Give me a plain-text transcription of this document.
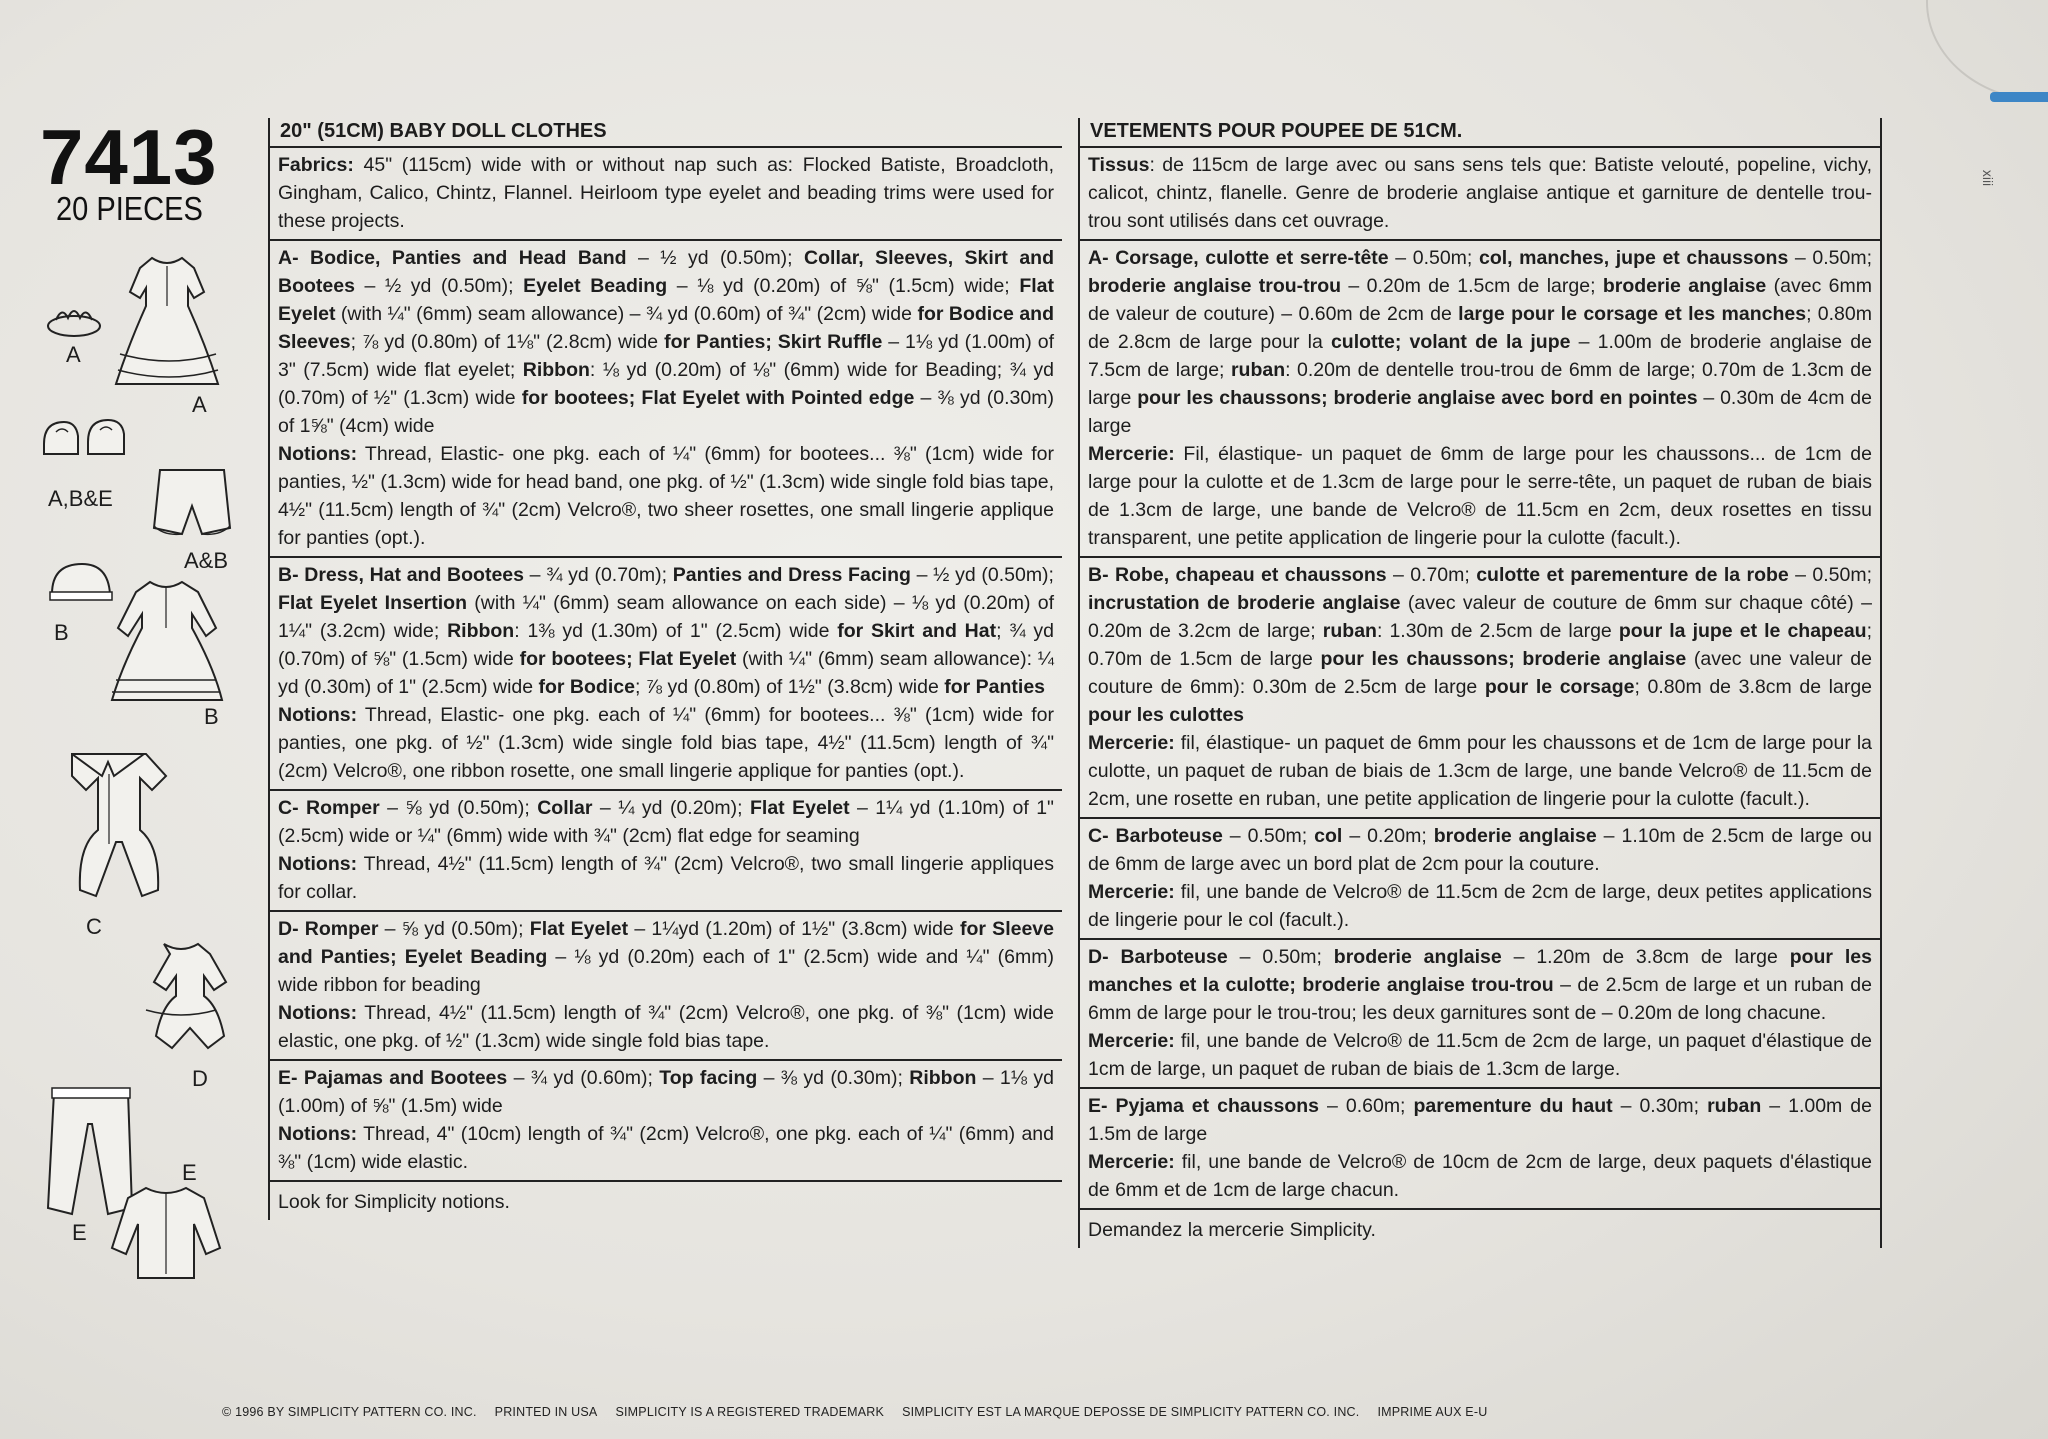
xiii
7413
20 PIECES
A
A
A,B&E
A&B
B
B
C
D
E
E
20" (51CM) BABY DOLL CLOTHES

Fabrics: 45" (115cm) wide with or without nap such as: Flocked Batiste, Broadcloth, Gingham, Calico, Chintz, Flannel. Heirloom type eyelet and beading trims were used for these projects.

A- Bodice, Panties and Head Band – ½ yd (0.50m); Collar, Sleeves, Skirt and Bootees – ½ yd (0.50m); Eyelet Beading – ⅛ yd (0.20m) of ⅝" (1.5cm) wide; Flat Eyelet (with ¼" (6mm) seam allowance) – ¾ yd (0.60m) of ¾" (2cm) wide for Bodice and Sleeves; ⅞ yd (0.80m) of 1⅛" (2.8cm) wide for Panties; Skirt Ruffle – 1⅛ yd (1.00m) of 3" (7.5cm) wide flat eyelet; Ribbon: ⅛ yd (0.20m) of ⅛" (6mm) wide for Beading; ¾ yd (0.70m) of ½" (1.3cm) wide for bootees; Flat Eyelet with Pointed edge – ⅜ yd (0.30m) of 1⅝" (4cm) wide

Notions: Thread, Elastic- one pkg. each of ¼" (6mm) for bootees... ⅜" (1cm) wide for panties, ½" (1.3cm) wide for head band, one pkg. of ½" (1.3cm) wide single fold bias tape, 4½" (11.5cm) length of ¾" (2cm) Velcro®, two sheer rosettes, one small lingerie applique for panties (opt.).

B- Dress, Hat and Bootees – ¾ yd (0.70m); Panties and Dress Facing – ½ yd (0.50m); Flat Eyelet Insertion (with ¼" (6mm) seam allowance on each side) – ⅛ yd (0.20m) of 1¼" (3.2cm) wide; Ribbon: 1⅜ yd (1.30m) of 1" (2.5cm) wide for Skirt and Hat; ¾ yd (0.70m) of ⅝" (1.5cm) wide for bootees; Flat Eyelet (with ¼" (6mm) seam allowance): ¼ yd (0.30m) of 1" (2.5cm) wide for Bodice; ⅞ yd (0.80m) of 1½" (3.8cm) wide for Panties

Notions: Thread, Elastic- one pkg. each of ¼" (6mm) for bootees... ⅜" (1cm) wide for panties, one pkg. of ½" (1.3cm) wide single fold bias tape, 4½" (11.5cm) length of ¾" (2cm) Velcro®, one ribbon rosette, one small lingerie applique for panties (opt.).

C- Romper – ⅝ yd (0.50m); Collar – ¼ yd (0.20m); Flat Eyelet – 1¼ yd (1.10m) of 1" (2.5cm) wide or ¼" (6mm) wide with ¾" (2cm) flat edge for seaming

Notions: Thread, 4½" (11.5cm) length of ¾" (2cm) Velcro®, two small lingerie appliques for collar.

D- Romper – ⅝ yd (0.50m); Flat Eyelet – 1¼yd (1.20m) of 1½" (3.8cm) wide for Sleeve and Panties; Eyelet Beading – ⅛ yd (0.20m) each of 1" (2.5cm) wide and ¼" (6mm) wide ribbon for beading

Notions: Thread, 4½" (11.5cm) length of ¾" (2cm) Velcro®, one pkg. of ⅜" (1cm) wide elastic, one pkg. of ½" (1.3cm) wide single fold bias tape.

E- Pajamas and Bootees – ¾ yd (0.60m); Top facing – ⅜ yd (0.30m); Ribbon – 1⅛ yd (1.00m) of ⅝" (1.5m) wide

Notions: Thread, 4" (10cm) length of ¾" (2cm) Velcro®, one pkg. each of ¼" (6mm) and ⅜" (1cm) wide elastic.

Look for Simplicity notions.

VETEMENTS POUR POUPEE DE 51CM.

Tissus: de 115cm de large avec ou sans sens tels que: Batiste velouté, popeline, vichy, calicot, chintz, flanelle. Genre de broderie anglaise antique et garniture de dentelle trou-trou sont utilisés dans cet ouvrage.

A- Corsage, culotte et serre-tête – 0.50m; col, manches, jupe et chaussons – 0.50m; broderie anglaise trou-trou – 0.20m de 1.5cm de large; broderie anglaise (avec 6mm de valeur de couture) – 0.60m de 2cm de large pour le corsage et les manches; 0.80m de 2.8cm de large pour la culotte; volant de la jupe – 1.00m de broderie anglaise de 7.5cm de large; ruban: 0.20m de dentelle trou-trou de 6mm de large; 0.70m de 1.3cm de large pour les chaussons; broderie anglaise avec bord en pointes – 0.30m de 4cm de large

Mercerie: Fil, élastique- un paquet de 6mm de large pour les chaussons... de 1cm de large pour la culotte et de 1.3cm de large pour le serre-tête, un paquet de ruban de biais de 1.3cm de large, une bande de Velcro® de 11.5cm en 2cm, deux rosettes en tissu transparent, une petite application de lingerie pour la culotte (facult.).

B- Robe, chapeau et chaussons – 0.70m; culotte et parementure de la robe – 0.50m; incrustation de broderie anglaise (avec valeur de couture de 6mm sur chaque côté) – 0.20m de 3.2cm de large; ruban: 1.30m de 2.5cm de large pour la jupe et le chapeau; 0.70m de 1.5cm de large pour les chaussons; broderie anglaise (avec une valeur de couture de 6mm): 0.30m de 2.5cm de large pour le corsage; 0.80m de 3.8cm de large pour les culottes

Mercerie: fil, élastique- un paquet de 6mm pour les chaussons et de 1cm de large pour la culotte, un paquet de ruban de biais de 1.3cm de large, une bande Velcro® de 11.5cm de 2cm, une rosette en ruban, une petite application de lingerie pour la culotte (facult.).

C- Barboteuse – 0.50m; col – 0.20m; broderie anglaise – 1.10m de 2.5cm de large ou de 6mm de large avec un bord plat de 2cm pour la couture.

Mercerie: fil, une bande de Velcro® de 11.5cm de 2cm de large, deux petites applications de lingerie pour le col (facult.).

D- Barboteuse – 0.50m; broderie anglaise – 1.20m de 3.8cm de large pour les manches et la culotte; broderie anglaise trou-trou – de 2.5cm de large et un ruban de 6mm de large pour le trou-trou; les deux garnitures sont de – 0.20m de long chacune.

Mercerie: fil, une bande de Velcro® de 11.5cm de 2cm de large, un paquet d'élastique de 1cm de large, un paquet de ruban de biais de 1.3cm de large.

E- Pyjama et chaussons – 0.60m; parementure du haut – 0.30m; ruban – 1.00m de 1.5m de large

Mercerie: fil, une bande de Velcro® de 10cm de 2cm de large, deux paquets d'élastique de 6mm et de 1cm de large chacun.

Demandez la mercerie Simplicity.

© 1996 BY SIMPLICITY PATTERN CO. INC. PRINTED IN USA SIMPLICITY IS A REGISTERED TRADEMARK SIMPLICITY EST LA MARQUE DEPOSSE DE SIMPLICITY PATTERN CO. INC. IMPRIME AUX E-U
